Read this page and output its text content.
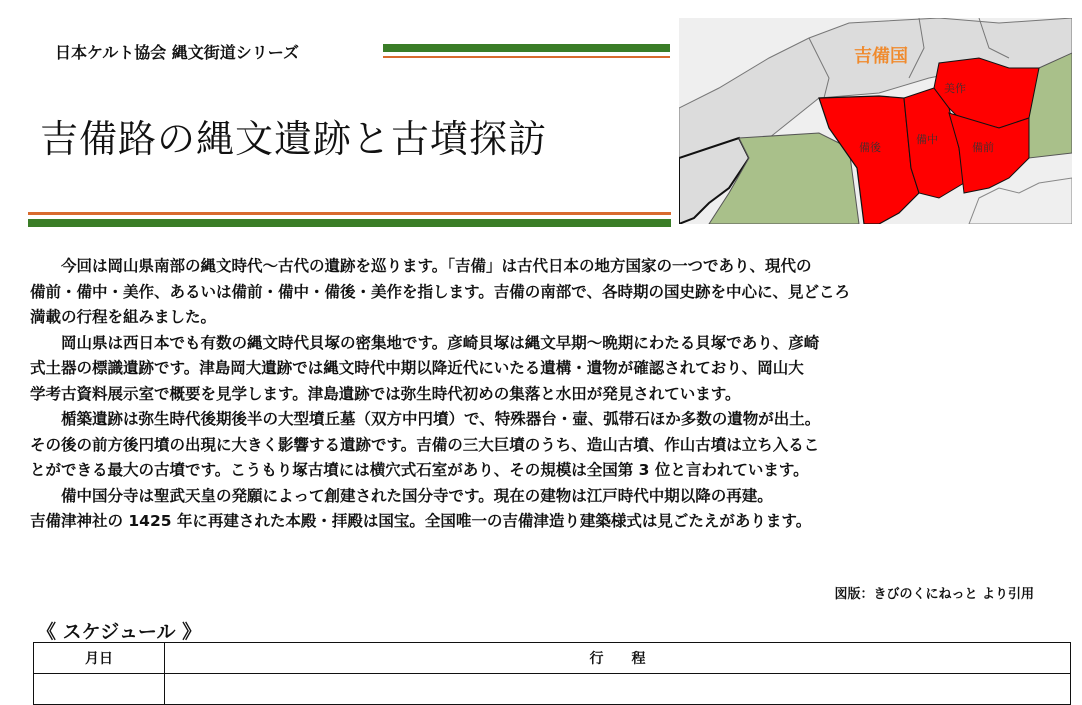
日本ケルト協会 縄文街道シリーズ
吉備路の縄文遺跡と古墳探訪
吉備国
美作
備中
備前
備後

今回は岡山県南部の縄文時代～古代の遺跡を巡ります。「吉備」は古代日本の地方国家の一つであり、現代の

備前・備中・美作、あるいは備前・備中・備後・美作を指します。吉備の南部で、各時期の国史跡を中心に、見どころ

満載の行程を組みました。

岡山県は西日本でも有数の縄文時代貝塚の密集地です。彦崎貝塚は縄文早期～晩期にわたる貝塚であり、彦崎

式土器の標識遺跡です。津島岡大遺跡では縄文時代中期以降近代にいたる遺構・遺物が確認されており、岡山大

学考古資料展示室で概要を見学します。津島遺跡では弥生時代初めの集落と水田が発見されています。

楯築遺跡は弥生時代後期後半の大型墳丘墓（双方中円墳）で、特殊器台・壷、弧帯石ほか多数の遺物が出土。

その後の前方後円墳の出現に大きく影響する遺跡です。吉備の三大巨墳のうち、造山古墳、作山古墳は立ち入るこ

とができる最大の古墳です。こうもり塚古墳には横穴式石室があり、その規模は全国第 3 位と言われています。

備中国分寺は聖武天皇の発願によって創建された国分寺です。現在の建物は江戸時代中期以降の再建。

吉備津神社の 1425 年に再建された本殿・拝殿は国宝。全国唯一の吉備津造り建築様式は見ごたえがあります。

図版：きびのくにねっと より引用
《 スケジュール 》
月日	行　　程
